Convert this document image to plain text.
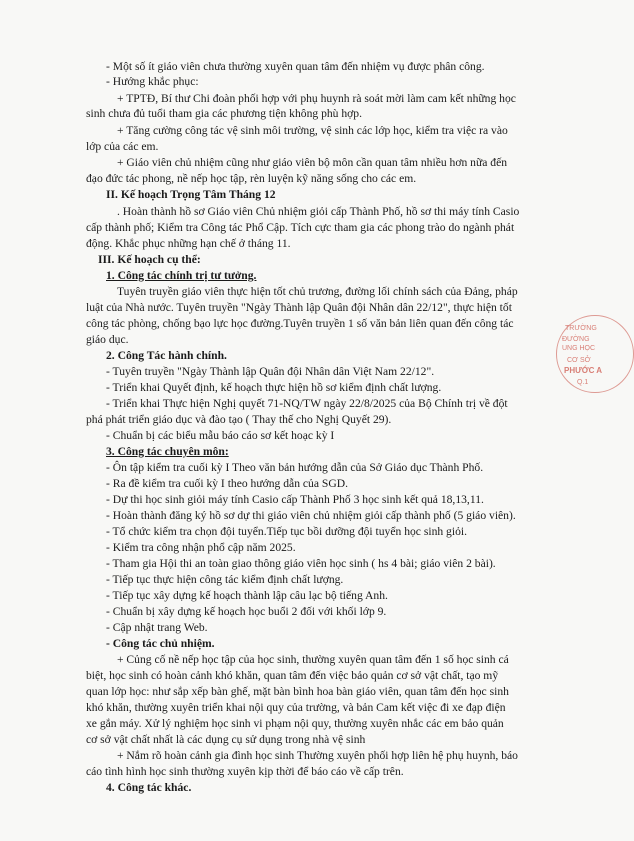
- Một số ít giáo viên chưa thường xuyên quan tâm đến nhiệm vụ được phân công.
- Hướng khắc phục:
+ TPTĐ, Bí thư Chi đoàn phối hợp với phụ huynh rà soát mời làm cam kết những học
sinh chưa đủ tuổi tham gia các phương tiện không phù hợp.
+ Tăng cường công tác vệ sinh môi trường, vệ sinh các lớp học, kiểm tra việc ra vào
lớp của các em.
+ Giáo viên chủ nhiệm cũng như giáo viên bộ môn cần quan tâm nhiều hơn nữa đến
đạo đức tác phong, nề nếp học tập, rèn luyện kỹ năng sống cho các em.
II. Kế hoạch Trọng Tâm Tháng 12
. Hoàn thành hồ sơ Giáo viên Chủ nhiệm giỏi cấp Thành Phố, hồ sơ thi máy tính Casio
cấp thành phố; Kiểm tra Công tác Phổ Cập. Tích cực tham gia các phong trào do ngành phát
động. Khắc phục những hạn chế ở tháng 11.
III. Kế hoạch cụ thể:
1. Công tác chính trị tư tưởng.
Tuyên truyền giáo viên thực hiện tốt chủ trương, đường lối chính sách của Đảng, pháp
luật của Nhà nước. Tuyên truyền "Ngày Thành lập Quân đội Nhân dân 22/12", thực hiện tốt
công tác phòng, chống bạo lực học đường.Tuyên truyền 1 số văn bản liên quan đến công tác
giáo dục.
2. Công Tác hành chính.
- Tuyên truyền "Ngày Thành lập Quân đội Nhân dân Việt Nam 22/12".
- Triển khai Quyết định, kế hoạch thực hiện hồ sơ kiểm định chất lượng.
- Triển khai Thực hiện Nghị quyết 71-NQ/TW ngày 22/8/2025 của Bộ Chính trị về đột
phá phát triển giáo dục và đào tạo ( Thay thế cho Nghị Quyết 29).
- Chuẩn bị các biểu mẫu báo cáo sơ kết hoạc kỳ I
3. Công tác chuyên môn:
- Ôn tập kiểm tra cuối kỳ I Theo văn bản hướng dẫn của Sở Giáo dục Thành Phố.
- Ra đề kiểm tra cuối kỳ I theo hướng dẫn của SGD.
- Dự thi học sinh giỏi máy tính Casio cấp Thành Phố 3 học sinh kết quả 18,13,11.
- Hoàn thành đăng ký hồ sơ dự thi giáo viên chủ nhiệm giỏi cấp thành phố (5 giáo viên).
- Tổ chức kiểm tra chọn đội tuyển.Tiếp tục bồi dưỡng đội tuyển học sinh giỏi.
- Kiểm tra công nhận phổ cập năm 2025.
- Tham gia Hội thi an toàn giao thông giáo viên học sinh ( hs 4 bài; giáo viên 2 bài).
- Tiếp tục thực hiện công tác kiểm định chất lượng.
- Tiếp tục xây dựng kế hoạch thành lập câu lạc bộ tiếng Anh.
- Chuẩn bị xây dựng kế hoạch học buổi 2 đối với khối lớp 9.
- Cập nhật trang Web.
- Công tác chủ nhiệm.
+ Củng cố nề nếp học tập của học sinh, thường xuyên quan tâm đến 1 số học sinh cá
biệt, học sinh có hoàn cảnh khó khăn, quan tâm đến việc bảo quản cơ sở vật chất, tạo mỹ
quan lớp học: như sắp xếp bàn ghế, mặt bàn bình hoa bàn giáo viên, quan tâm đến học sinh
khó khăn, thường xuyên triển khai nội quy của trường, và bản Cam kết việc đi xe đạp điện
xe gắn máy. Xử lý nghiệm học sinh vi phạm nội quy, thường xuyên nhắc các em bảo quản
cơ sở vật chất nhất là các dụng cụ sử dụng trong nhà vệ sinh
+ Nắm rõ hoàn cảnh gia đình học sinh Thường xuyên phối hợp liên hệ phụ huynh, báo
cáo tình hình học sinh thường xuyên kịp thời để báo cáo về cấp trên.
4. Công tác khác.
TRƯỜNG
ĐƯỜNG
UNG HỌC
CƠ SỞ
PHƯỚC A
Q.1
